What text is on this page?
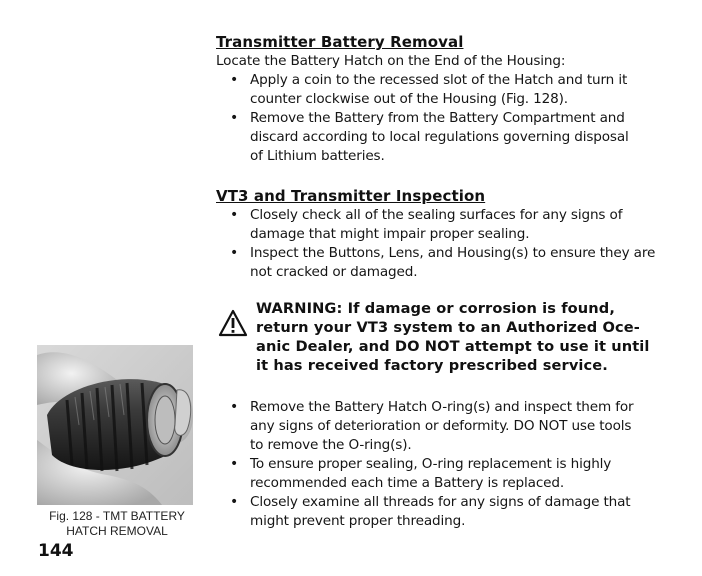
Transmitter Battery Removal

Locate the Battery Hatch on the End of the Housing:

• Apply a coin to the recessed slot of the Hatch and turn it
counter clockwise out of the Housing (Fig. 128).
• Remove the Battery from the Battery Compartment and
discard according to local regulations governing disposal
of Lithium batteries.
VT3 and Transmitter Inspection
• Closely check all of the sealing surfaces for any signs of
damage that might impair proper sealing.
• Inspect the Buttons, Lens, and Housing(s) to ensure they are
not cracked or damaged.
WARNING: If damage or corrosion is found,
return your VT3 system to an Authorized Oce-
anic Dealer, and DO NOT attempt to use it until
it has received factory prescribed service.
• Remove the Battery Hatch O-ring(s) and inspect them for
any signs of deterioration or deformity. DO NOT use tools
to remove the O-ring(s).
• To ensure proper sealing, O-ring replacement is highly
recommended each time a Battery is replaced.
• Closely examine all threads for any signs of damage that
might prevent proper threading.
Fig. 128 - TMT BATTERY
HATCH REMOVAL
144
